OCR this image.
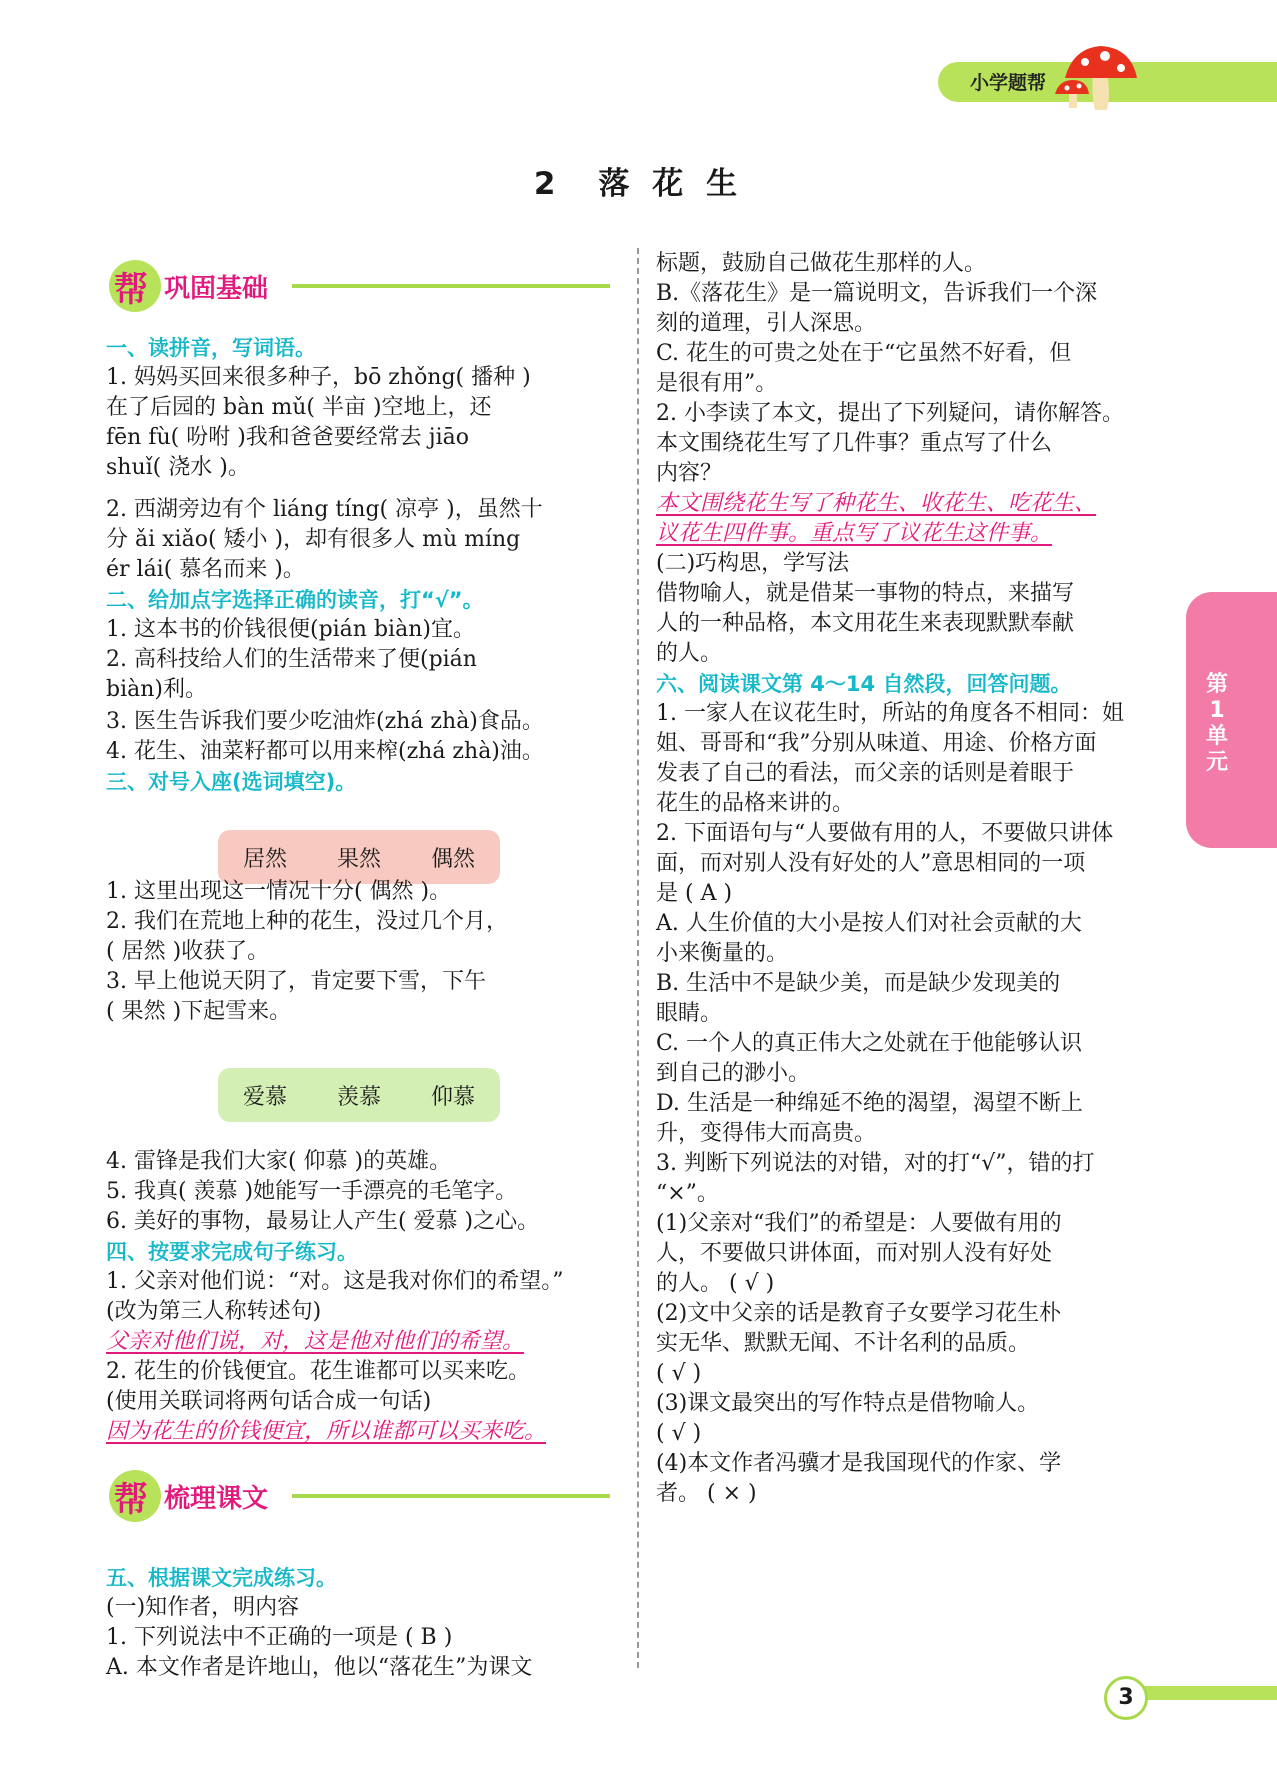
小学题帮
2　落 花 生
帮 巩固基础
帮 梳理课文
居然 果然 偶然
爱慕 羡慕 仰慕
一、读拼音，写词语。
1. 妈妈买回来很多种子，bō zhǒng( 播种 )
在了后园的 bàn mǔ( 半亩 )空地上，还
fēn fù( 吩咐 )我和爸爸要经常去 jiāo
shuǐ( 浇水 )。
2. 西湖旁边有个 liáng tíng( 凉亭 )，虽然十
分 ǎi xiǎo( 矮小 )，却有很多人 mù míng
ér lái( 慕名而来 )。
二、给加点字选择正确的读音，打“√”。
1. 这本书的价钱很便(pián biàn)宜。
2. 高科技给人们的生活带来了便(pián
biàn)利。
3. 医生告诉我们要少吃油炸(zhá zhà)食品。
4. 花生、油菜籽都可以用来榨(zhá zhà)油。
三、对号入座(选词填空)。
1. 这里出现这一情况十分( 偶然 )。
2. 我们在荒地上种的花生，没过几个月，
( 居然 )收获了。
3. 早上他说天阴了，肯定要下雪，下午
( 果然 )下起雪来。
4. 雷锋是我们大家( 仰慕 )的英雄。
5. 我真( 羡慕 )她能写一手漂亮的毛笔字。
6. 美好的事物，最易让人产生( 爱慕 )之心。
四、按要求完成句子练习。
1. 父亲对他们说：“对。这是我对你们的希望。”
(改为第三人称转述句)
父亲对他们说，对，这是他对他们的希望。
2. 花生的价钱便宜。花生谁都可以买来吃。
(使用关联词将两句话合成一句话)
因为花生的价钱便宜，所以谁都可以买来吃。
五、根据课文完成练习。
(一)知作者，明内容
1. 下列说法中不正确的一项是 ( B )
A. 本文作者是许地山，他以“落花生”为课文
标题，鼓励自己做花生那样的人。
B.《落花生》是一篇说明文，告诉我们一个深
刻的道理，引人深思。
C. 花生的可贵之处在于“它虽然不好看，但
是很有用”。
2. 小李读了本文，提出了下列疑问，请你解答。
本文围绕花生写了几件事？重点写了什么
内容？
本文围绕花生写了种花生、收花生、吃花生、
议花生四件事。重点写了议花生这件事。
(二)巧构思，学写法
借物喻人，就是借某一事物的特点，来描写
人的一种品格，本文用花生来表现默默奉献
的人。
六、阅读课文第 4～14 自然段，回答问题。
1. 一家人在议花生时，所站的角度各不相同：姐
姐、哥哥和“我”分别从味道、用途、价格方面
发表了自己的看法，而父亲的话则是着眼于
花生的品格来讲的。
2. 下面语句与“人要做有用的人，不要做只讲体
面，而对别人没有好处的人”意思相同的一项
是 ( A )
A. 人生价值的大小是按人们对社会贡献的大
小来衡量的。
B. 生活中不是缺少美，而是缺少发现美的
眼睛。
C. 一个人的真正伟大之处就在于他能够认识
到自己的渺小。
D. 生活是一种绵延不绝的渴望，渴望不断上
升，变得伟大而高贵。
3. 判断下列说法的对错，对的打“√”，错的打
“×”。
(1)父亲对“我们”的希望是：人要做有用的
人，不要做只讲体面，而对别人没有好处
的人。 ( √ )
(2)文中父亲的话是教育子女要学习花生朴
实无华、默默无闻、不计名利的品质。
( √ )
(3)课文最突出的写作特点是借物喻人。
( √ )
(4)本文作者冯骥才是我国现代的作家、学
者。 ( × )
第1单元
3
